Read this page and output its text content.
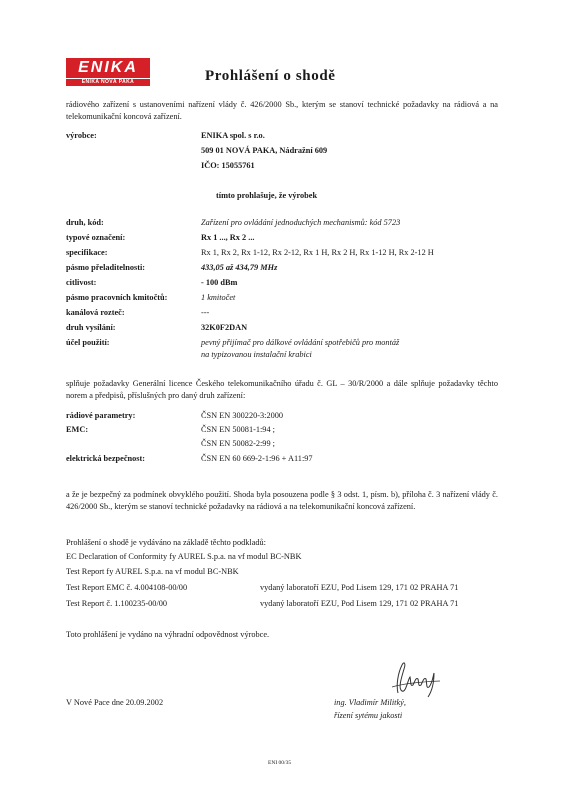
ENIKA
ENIKA NOVÁ PAKA	Prohlášení o shodě
rádiového zařízení s ustanoveními nařízení vlády č. 426/2000 Sb., kterým se stanoví technické požadavky na rádiová a na telekomunikační koncová zařízení.
výrobce:	ENIKA spol. s r.o.
509 01 NOVÁ PAKA, Nádražní 609
IČO: 15055761
tímto prohlašuje, že výrobek
druh, kód:	Zařízení pro ovládání jednoduchých mechanismů: kód 5723
typové označení:	Rx 1 ..., Rx 2 ...
specifikace:	Rx 1, Rx 2, Rx 1-12, Rx 2-12, Rx 1 H, Rx 2 H, Rx 1-12 H, Rx 2-12 H
pásmo přeladitelnosti:	433,05 až 434,79 MHz
citlivost:	- 100 dBm
pásmo pracovních kmitočtů:	1 kmitočet
kanálová rozteč:	---
druh vysílání:	32K0F2DAN
účel použití:	pevný přijímač pro dálkové ovládání spotřebičů pro montáž
na typizovanou instalační krabici
splňuje požadavky Generální licence Českého telekomunikačního úřadu č. GL – 30/R/2000 a dále splňuje požadavky těchto norem a předpisů, příslušných pro daný druh zařízení:
rádiové parametry:	ČSN EN 300220-3:2000
EMC:	ČSN EN 50081-1:94 ;
ČSN EN 50082-2:99 ;
elektrická bezpečnost:	ČSN EN 60 669-2-1:96 + A11:97
a že je bezpečný za podmínek obvyklého použití. Shoda byla posouzena podle § 3 odst. 1, písm. b), příloha č. 3 nařízení vlády č. 426/2000 Sb., kterým se stanoví technické požadavky na rádiová a na telekomunikační koncová zařízení.
Prohlášení o shodě je vydáváno na základě těchto podkladů:
EC Declaration of Conformity fy AUREL S.p.a. na vf modul BC-NBK
Test Report fy AUREL S.p.a. na vf modul BC-NBK
Test Report EMC č. 4.004108-00/00	vydaný laboratoří EZU, Pod Lisem 129, 171 02 PRAHA 71
Test Report č. 1.100235-00/00	vydaný laboratoří EZU, Pod Lisem 129, 171 02 PRAHA 71
Toto prohlášení je vydáno na výhradní odpovědnost výrobce.
V Nové Pace dne 20.09.2002	ing. Vladimír Militký,
řízení sytému jakosti
ENI 00/35
